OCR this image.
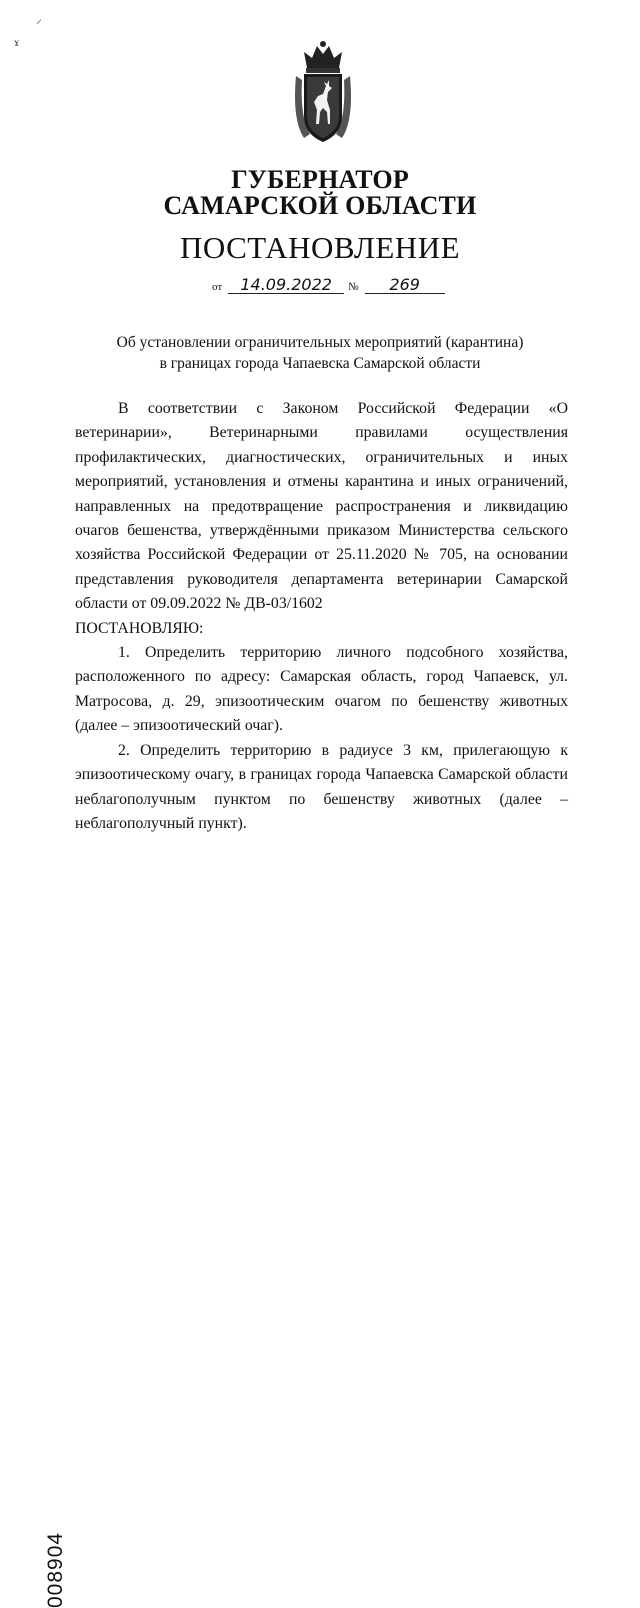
⸝
ɤ
ГУБЕРНАТОР
САМАРСКОЙ ОБЛАСТИ
ПОСТАНОВЛЕНИЕ
от 14.09.2022 № 269
Об установлении ограничительных мероприятий (карантина)
в границах города Чапаевска Самарской области

В соответствии с Законом Российской Федерации «О ветеринарии», Ветеринарными правилами осуществления профилактических, диагностических, ограничительных и иных мероприятий, установления и отмены карантина и иных ограничений, направленных на предотвращение распространения и ликвидацию очагов бешенства, утверждёнными приказом Министерства сельского хозяйства Российской Федерации от 25.11.2020 № 705, на основании представления руководителя департамента ветеринарии Самарской области от 09.09.2022 № ДВ-03/1602

ПОСТАНОВЛЯЮ:

1. Определить территорию личного подсобного хозяйства, расположенного по адресу: Самарская область, город Чапаевск, ул. Матросова, д. 29, эпизоотическим очагом по бешенству животных (далее – эпизоотический очаг).

2. Определить территорию в радиусе 3 км, прилегающую к эпизоотическому очагу, в границах города Чапаевска Самарской области неблагополучным пунктом по бешенству животных (далее – неблагополучный пункт).

008904
